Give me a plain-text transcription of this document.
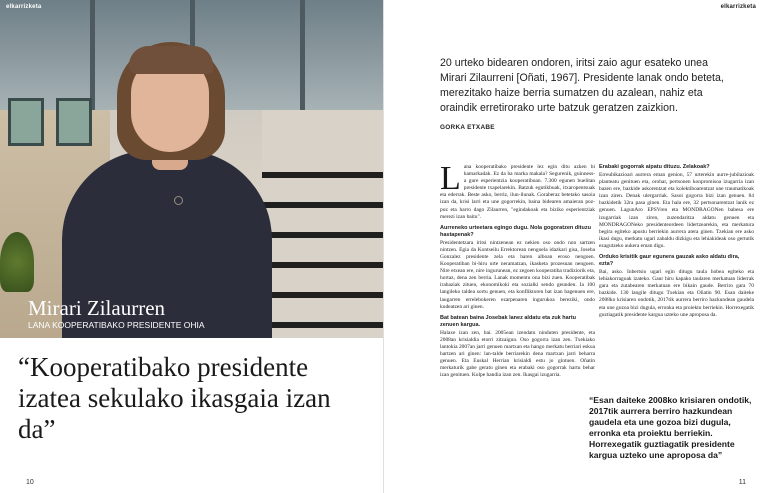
elkarrizketa
Mirari Zilaurren

LANA KOOPERATIBAKO PRESIDENTE OHIA

“Kooperatibako presidente izatea sekulako ikasgaia izan da”
10
elkarrizketa

20 urteko bidearen ondoren, iritsi zaio agur esateko unea Mirari Zilaurreni [Oñati, 1967]. Presidente lanak ondo beteta, merezitako haize berria sumatzen du azalean, nahiz eta oraindik erretirorako urte batzuk geratzen zaizkion.

GORKA ETXABE

Lana kooperatibako presidente lez egin ditu azken bi hamarkadak. Ez da ba marka makala? Segurenik, guinness-a gure esperientzia kooperatiboan. 7.300 egunen buelitan presidente txapelarekin. Batzuk egutikbuak, itxaropentsuak eta ederrak. Beste asko, berriz, ilun-ilunak. Goraberaz betetako sasoia izan da, krisi larri eta une gogorrekin, baina bidearen amaieran poz-poz eta harro dago Zilaurren, "egindakoak eta biziko esperientziak merezi izan baitu".

Aurreneko urteetara egingo dugu. Nola gogoratzen dituzu hastapenak?

Presidentetzara iritsi nintzenean ez nekien oso ondo non sartzen nintzen. Egia da Kontseilu Errektorean nengoela idazkari gisa, Joseba Gonzalez presidente zela eta haren alboan eroso nengoen. Kooperatiban bi-hiru urte neramatzan, ikasketa prozesuan nengoen. Nire etxean ere, nire ingurunean, ez zegoen kooperatiba tradiziorik eta, hortaz, dena zen berria. Lanak momentu ona bizi zuen. Kooperatibak irabaziak zituen, ekonomikoki eta sozialki sendo geunden. Ia 100 langileko taldea sortu genuen, eta konfliktoren bat izan bagenuen ere, laugarren errelebokeren ezarpenaren ingurukoa bereziki, ondo kudeatzen ari ginen.

Bat batean baina Josebak lanez aldatu eta zuk hartu zenuen kargua.

Halaxe izan zen, bai. 2005ean izendatu ninduten presidente, eta 2008an krisialdia etorri zitzaigun. Oso gogorra izan zen. Txekiako lantokia 2007an jarri genuen martxan eta hango merkatu berriari eskua hartzen ari ginen: lan-talde berriarekin dena martxan jarri beharra genuen. Eta Euskal Herrian krisialdi estu jo gintuen. Oñatin merkaturik gabe geratu ginen eta erabaki oso gogorrak hartu behar izan genituen. Kolpe handia izan zen. Ikasgai izugarria.

Erabaki gogorrak aipatu dituzu. Zelakoak?

Erreubikazioari aurrera eman genion, 57 urterekin aurre-jubilazioak planteatu genituen eta, orohar, pertsonen konpromisoa izugarria izan bazen ere, bazkide askorentzat eta kolektiboarentzat une traumatikoak izan ziren. Denak ulergarriak. Sasoi gogorra bizi izan genuen. 84 bazkidetik 32ra pasa ginen. Eta hala ere, 32 pertsonarentzat lanik ez genuen. LagunAro EPSVren eta MONDRAGONen babesa ere izugarriak izan ziren, zuzendaritza aldatu genuen eta MONDRAGONeko presidenteordeen lidertzearekin, eta merkatura begira egiteko apustu berriekin aurrera atera ginen. Tzekian ere asko ikasi dugu, merkatu ugari zabaldu dizkigu eta lehiakideak oso gertutik ezagutzeko aukera eman digu.

Orduko krisitik gaur egunera gauzak asko aldatu dira, ezta?

Bai, asko. Inbertsio ugari egin ditugu taula hobea egiteko eta lehiakorragoak izateko. Gaur hiru kapako taularen merkatuan liderrak gara eta zutabearen merkatuan ere bikain gaude. Berriro gara 70 bazkide. 130 langile ditugu Txekian eta Oñatin 90. Esan daiteke 2008ko krisiaren ondotik, 2017tik aurrera berriro hazkundean gaudela eta une gozoa bizi dugula, erronka eta proiektu berriekin. Horrexegatik guztiagatik presidente kargua uzteko une aproposa da.

“Esan daiteke 2008ko krisiaren ondotik, 2017tik aurrera berriro hazkundean gaudela eta une gozoa bizi dugula, erronka eta proiektu berriekin. Horrexegatik guztiagatik presidente kargua uzteko une aproposa da”

11
